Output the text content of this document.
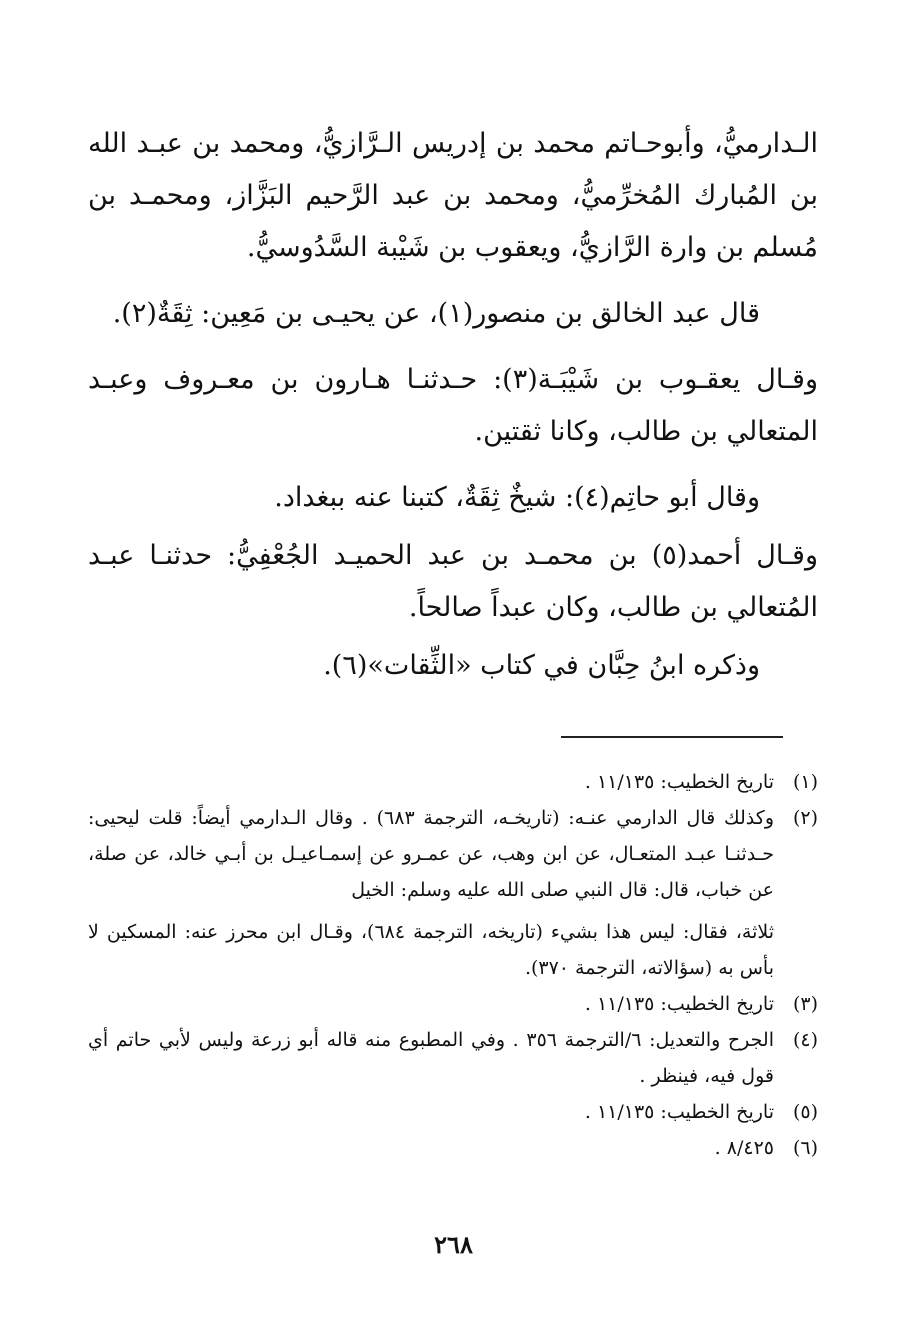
الـدارميُّ، وأبوحـاتم محمد بن إدريس الـرَّازيُّ، ومحمد بن عبـد الله بن المُبارك المُخرِّميُّ، ومحمد بن عبد الرَّحيم البَزَّاز، ومحمـد بن مُسلم بن وارة الرَّازيُّ، ويعقوب بن شَيْبة السَّدُوسيُّ.

قال عبد الخالق بن منصور(١)، عن يحيـى بن مَعِين: ثِقَةٌ(٢).

وقـال يعقـوب بن شَيْبَـة(٣): حـدثنـا هـارون بن معـروف وعبـد المتعالي بن طالب، وكانا ثقتين.

وقال أبو حاتِم(٤): شيخٌ ثِقَةٌ، كتبنا عنه ببغداد.

وقـال أحمد(٥) بن محمـد بن عبد الحميـد الجُعْفِيُّ: حدثنـا عبـد المُتعالي بن طالب، وكان عبداً صالحاً.

وذكره ابنُ حِبَّان في كتاب «الثِّقات»(٦).

(١)

تاريخ الخطيب: ١١/١٣٥ .

(٢)

وكذلك قال الدارمي عنـه: (تاريخـه، الترجمة ٦٨٣) . وقال الـدارمي أيضاً: قلت ليحيى: حـدثنـا عبـد المتعـال، عن ابن وهب، عن عمـرو عن إسمـاعيـل بن أبـي خالد، عن صلة، عن خباب، قال: قال النبي صلى الله عليه وسلم: الخيل

ثلاثة، فقال: ليس هذا بشيء (تاريخه، الترجمة ٦٨٤)، وقـال ابن محرز عنه: المسكين لا بأس به (سؤالاته، الترجمة ٣٧٠).

(٣)

تاريخ الخطيب: ١١/١٣٥ .

(٤)

الجرح والتعديل: ٦/الترجمة ٣٥٦ . وفي المطبوع منه قاله أبو زرعة وليس لأبي حاتم أي قول فيه، فينظر .

(٥)

تاريخ الخطيب: ١١/١٣٥ .

(٦)

٨/٤٢٥ .

٢٦٨
